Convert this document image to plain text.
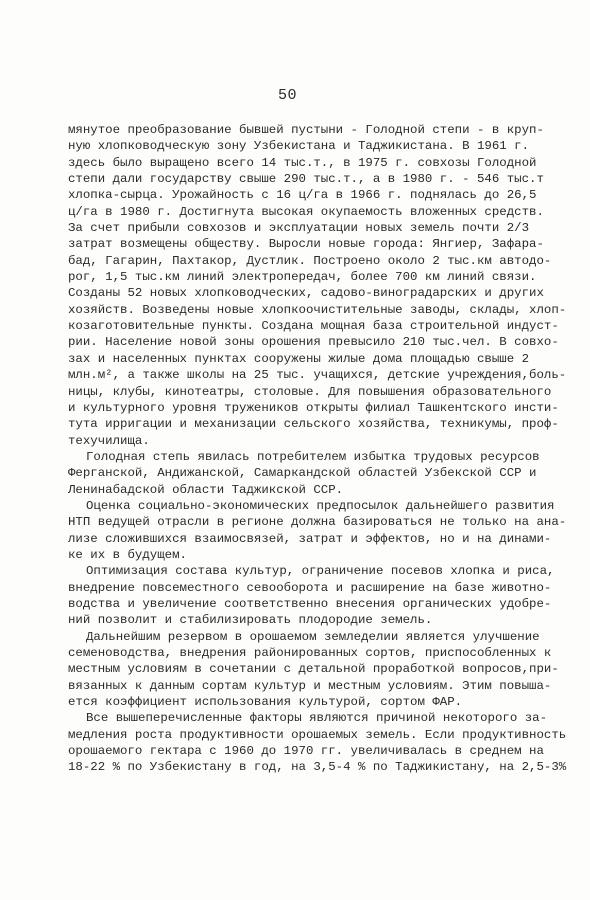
50
мянутое преобразование бывшей пустыни - Голодной степи - в круп-
ную хлопководческую зону Узбекистана и Таджикистана. В 1961 г.
здесь было выращено всего 14 тыс.т., в 1975 г. совхозы Голодной
степи дали государству свыше 290 тыс.т., а в 1980 г. - 546 тыс.т
хлопка-сырца. Урожайность с 16 ц/га в 1966 г. поднялась до 26,5
ц/га в 1980 г. Достигнута высокая окупаемость вложенных средств.
За счет прибыли совхозов и эксплуатации новых земель почти 2/3
затрат возмещены обществу. Выросли новые города: Янгиер, Зафара-
бад, Гагарин, Пахтакор, Дустлик. Построено около 2 тыс.км автодо-
рог, 1,5 тыс.км линий электропередач, более 700 км линий связи.
Созданы 52 новых хлопководческих, садово-виноградарских и других
хозяйств. Возведены новые хлопкоочистительные заводы, склады, хлоп-
козаготовительные пункты. Создана мощная база строительной индуст-
рии. Население новой зоны орошения превысило 210 тыс.чел. В совхо-
зах и населенных пунктах сооружены жилые дома площадью свыше 2
млн.м², а также школы на 25 тыс. учащихся, детские учреждения,боль-
ницы, клубы, кинотеатры, столовые. Для повышения образовательного
и культурного уровня тружеников открыты филиал Ташкентского инсти-
тута ирригации и механизации сельского хозяйства, техникумы, проф-
техучилища.
Голодная степь явилась потребителем избытка трудовых ресурсов
Ферганской, Андижанской, Самаркандской областей Узбекской ССР и
Ленинабадской области Таджикской ССР.
Оценка социально-экономических предпосылок дальнейшего развития
НТП ведущей отрасли в регионе должна базироваться не только на ана-
лизе сложившихся взаимосвязей, затрат и эффектов, но и на динами-
ке их в будущем.
Оптимизация состава культур, ограничение посевов хлопка и риса,
внедрение повсеместного севооборота и расширение на базе животно-
водства и увеличение соответственно внесения органических удобре-
ний позволит и стабилизировать плодородие земель.
Дальнейшим резервом в орошаемом земледелии является улучшение
семеноводства, внедрения районированных сортов, приспособленных к
местным условиям в сочетании с детальной проработкой вопросов,при-
вязанных к данным сортам культур и местным условиям. Этим повыша-
ется коэффициент использования культурой, сортом ФАР.
Все вышеперечисленные факторы являются причиной некоторого за-
медления роста продуктивности орошаемых земель. Если продуктивность
орошаемого гектара с 1960 до 1970 гг. увеличивалась в среднем на
18-22 % по Узбекистану в год, на 3,5-4 % по Таджикистану, на 2,5-3%
